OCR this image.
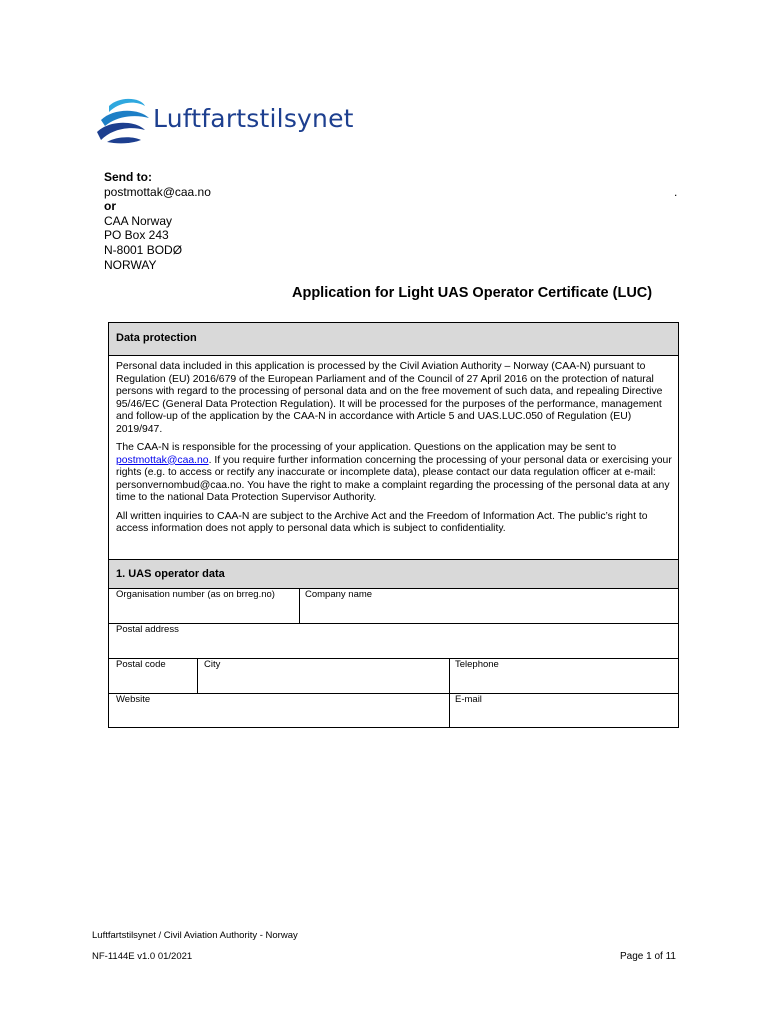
Luftfartstilsynet
Send to:
postmottak@caa.no
or
CAA Norway
PO Box 243
N-8001 BODØ
NORWAY
.
Application for Light UAS Operator Certificate (LUC)
Data protection

Personal data included in this application is processed by the Civil Aviation Authority – Norway (CAA-N) pursuant to Regulation (EU) 2016/679 of the European Parliament and of the Council of 27 April 2016 on the protection of natural persons with regard to the processing of personal data and on the free movement of such data, and repealing Directive 95/46/EC (General Data Protection Regulation). It will be processed for the purposes of the performance, management and follow-up of the application by the CAA-N in accordance with Article 5 and UAS.LUC.050 of Regulation (EU) 2019/947.

The CAA-N is responsible for the processing of your application. Questions on the application may be sent to postmottak@caa.no. If you require further information concerning the processing of your personal data or exercising your rights (e.g. to access or rectify any inaccurate or incomplete data), please contact our data regulation officer at e-mail: personvernombud@caa.no. You have the right to make a complaint regarding the processing of the personal data at any time to the national Data Protection Supervisor Authority.

All written inquiries to CAA-N are subject to the Archive Act and the Freedom of Information Act. The public’s right to access information does not apply to personal data which is subject to confidentiality.

1. UAS operator data
Organisation number (as on brreg.no)	Company name
Postal address
Postal code	City	Telephone
Website	E-mail
Luftfartstilsynet / Civil Aviation Authority - Norway
NF-1144E v1.0 01/2021	Page 1 of 11
